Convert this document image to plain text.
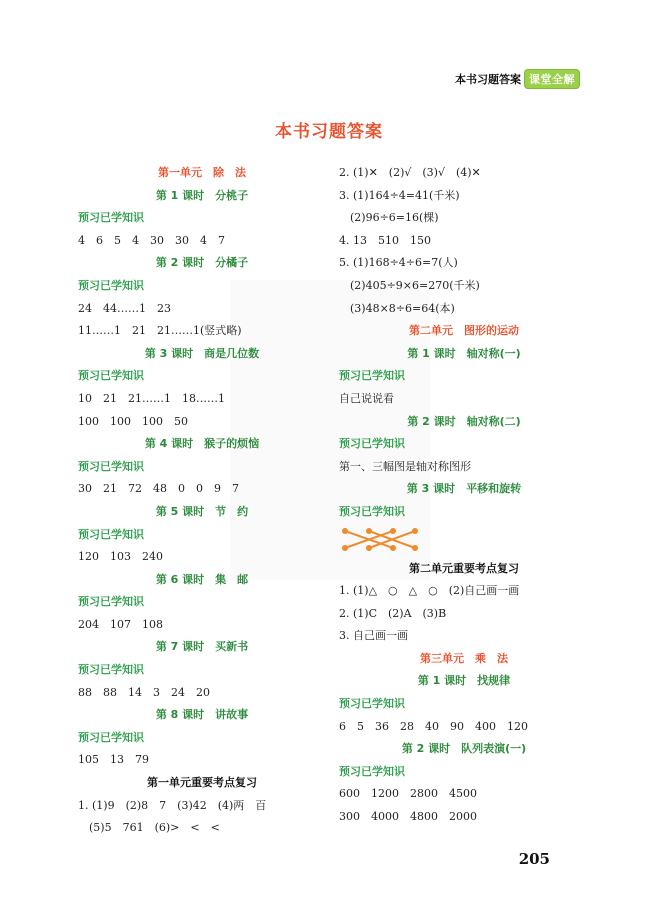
本书习题答案 课堂全解
本书习题答案
第一单元　除　法
第 1 课时　分桃子
预习已学知识
4　6　5　4　30　30　4　7
第 2 课时　分橘子
预习已学知识
24　44……1　23
11……1　21　21……1(竖式略)
第 3 课时　商是几位数
预习已学知识
10　21　21……1　18……1
100　100　100　50
第 4 课时　猴子的烦恼
预习已学知识
30　21　72　48　0　0　9　7
第 5 课时　节　约
预习已学知识
120　103　240
第 6 课时　集　邮
预习已学知识
204　107　108
第 7 课时　买新书
预习已学知识
88　88　14　3　24　20
第 8 课时　讲故事
预习已学知识
105　13　79
第一单元重要考点复习
1. (1)9　(2)8　7　(3)42　(4)两　百
　(5)5　761　(6)>　<　<
2. (1)✕　(2)√　(3)√　(4)✕
3. (1)164÷4=41(千米)
　(2)96÷6=16(棵)
4. 13　510　150
5. (1)168÷4÷6=7(人)
　(2)405÷9×6=270(千米)
　(3)48×8÷6=64(本)
第二单元　图形的运动
第 1 课时　轴对称(一)
预习已学知识
自己说说看
第 2 课时　轴对称(二)
预习已学知识
第一、三幅图是轴对称图形
第 3 课时　平移和旋转
预习已学知识
第二单元重要考点复习
1. (1)△　○　△　○　(2)自己画一画
2. (1)C　(2)A　(3)B
3. 自己画一画
第三单元　乘　法
第 1 课时　找规律
预习已学知识
6　5　36　28　40　90　400　120
第 2 课时　队列表演(一)
预习已学知识
600　1200　2800　4500
300　4000　4800　2000
205
